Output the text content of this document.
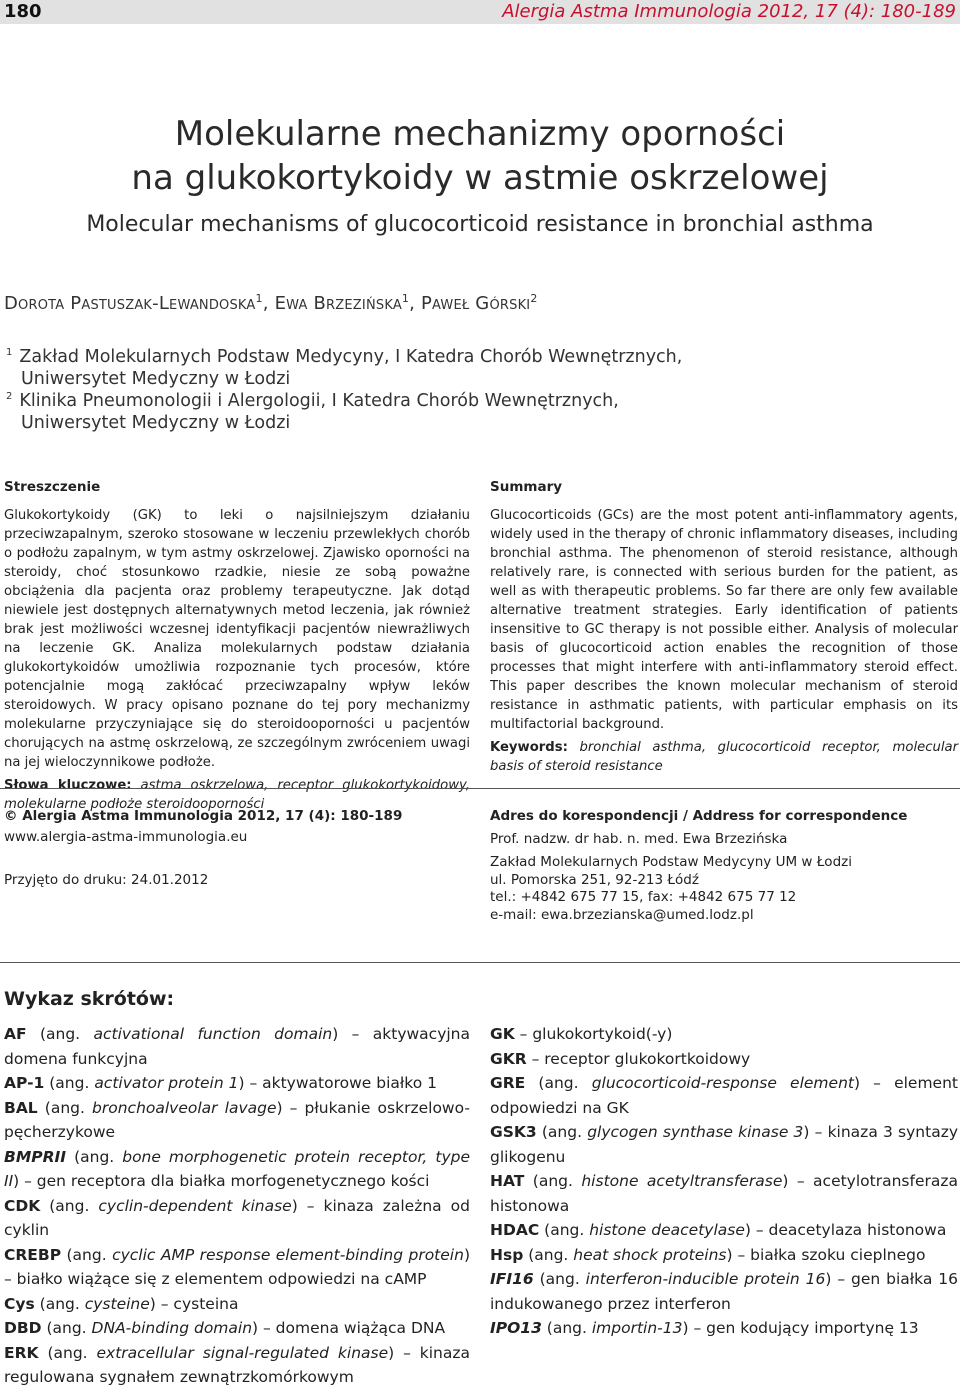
180	Alergia Astma Immunologia 2012, 17 (4): 180-189
Molekularne mechanizmy oporności
na glukokortykoidy w astmie oskrzelowej
Molecular mechanisms of glucocorticoid resistance in bronchial asthma
Dorota Pastuszak-Lewandoska$^1$, Ewa Brzezińska$^1$, Paweł Górski$^2$
$^1$ Zakład Molekularnych Podstaw Medycyny, I Katedra Chorób Wewnętrznych,
Uniwersytet Medyczny w Łodzi
$^2$ Klinika Pneumonologii i Alergologii, I Katedra Chorób Wewnętrznych,
Uniwersytet Medyczny w Łodzi
Streszczenie

Glukokortykoidy (GK) to leki o najsilniejszym działaniu przeciwzapalnym, szeroko stosowane w leczeniu przewlekłych chorób o podłożu zapalnym, w tym astmy oskrzelowej. Zjawisko oporności na steroidy, choć stosunkowo rzadkie, niesie ze sobą poważne obciążenia dla pacjenta oraz problemy terapeutyczne. Jak dotąd niewiele jest dostępnych alternatywnych metod leczenia, jak również brak jest możliwości wczesnej identyfikacji pacjentów niewrażliwych na leczenie GK. Analiza molekularnych podstaw działania glukokortykoidów umożliwia rozpoznanie tych procesów, które potencjalnie mogą zakłócać przeciwzapalny wpływ leków steroidowych. W pracy opisano poznane do tej pory mechanizmy molekularne przyczyniające się do steroidooporności u pacjentów chorujących na astmę oskrzelową, ze szczególnym zwróceniem uwagi na jej wieloczynnikowe podłoże.

Słowa kluczowe: astma oskrzelowa, receptor glukokortykoidowy, molekularne podłoże steroidooporności

Summary

Glucocorticoids (GCs) are the most potent anti-inflammatory agents, widely used in the therapy of chronic inflammatory diseases, including bronchial asthma. The phenomenon of steroid resistance, although relatively rare, is connected with serious burden for the patient, as well as with therapeutic problems. So far there are only few available alternative treatment strategies. Early identification of patients insensitive to GC therapy is not possible either. Analysis of molecular basis of glucocorticoid action enables the recognition of those processes that might interfere with anti-inflammatory steroid effect. This paper describes the known molecular mechanism of steroid resistance in asthmatic patients, with particular emphasis on its multifactorial background.

Keywords: bronchial asthma, glucocorticoid receptor, molecular basis of steroid resistance

© Alergia Astma Immunologia 2012, 17 (4): 180-189
www.alergia-astma-immunologia.eu
Przyjęto do druku: 24.01.2012
Adres do korespondencji / Address for correspondence
Prof. nadzw. dr hab. n. med. Ewa Brzezińska
Zakład Molekularnych Podstaw Medycyny UM w Łodzi
ul. Pomorska 251, 92-213 Łódź
tel.: +4842 675 77 15, fax: +4842 675 77 12
e-mail: ewa.brzezianska@umed.lodz.pl
Wykaz skrótów:

AF (ang. activational function domain) – aktywacyjna domena funkcyjna

AP-1 (ang. activator protein 1) – aktywatorowe białko 1

BAL (ang. bronchoalveolar lavage) – płukanie oskrzelowo-pęcherzykowe

BMPRII (ang. bone morphogenetic protein receptor, type II) – gen receptora dla białka morfogenetycznego kości

CDK (ang. cyclin-dependent kinase) – kinaza zależna od cyklin

CREBP (ang. cyclic AMP response element-binding protein) – białko wiążące się z elementem odpowiedzi na cAMP

Cys (ang. cysteine) – cysteina

DBD (ang. DNA-binding domain) – domena wiążąca DNA

ERK (ang. extracellular signal-regulated kinase) – kinaza regulowana sygnałem zewnątrzkomórkowym

GK – glukokortykoid(-y)

GKR – receptor glukokortkoidowy

GRE (ang. glucocorticoid-response element) – element odpowiedzi na GK

GSK3 (ang. glycogen synthase kinase 3) – kinaza 3 syntazy glikogenu

HAT (ang. histone acetyltransferase) – acetylotransferaza histonowa

HDAC (ang. histone deacetylase) – deacetylaza histonowa

Hsp (ang. heat shock proteins) – białka szoku cieplnego

IFI16 (ang. interferon-inducible protein 16) – gen białka 16 indukowanego przez interferon

IPO13 (ang. importin-13) – gen kodujący importynę 13
